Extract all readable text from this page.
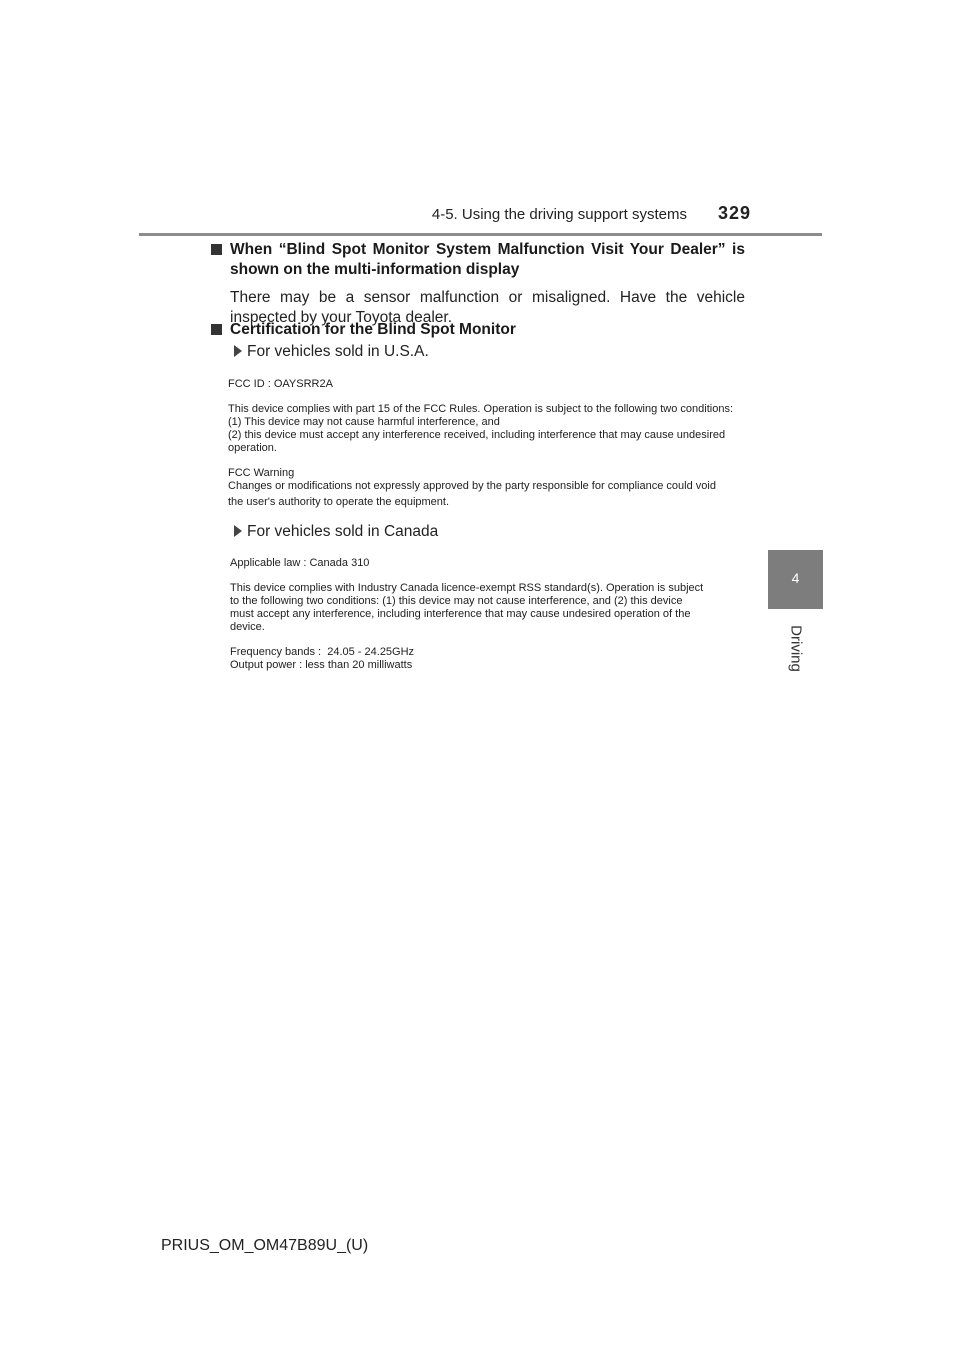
4-5. Using the driving support systems 329
4
Driving
When “Blind Spot Monitor System Malfunction Visit Your Dealer” is shown on the multi-information display
There may be a sensor malfunction or misaligned. Have the vehicle inspected by your Toyota dealer.
Certification for the Blind Spot Monitor
For vehicles sold in U.S.A.

FCC ID : OAYSRR2A

This device complies with part 15 of the FCC Rules. Operation is subject to the following two conditions:

(1) This device may not cause harmful interference, and

(2) this device must accept any interference received, including interference that may cause undesired

operation.

FCC Warning

Changes or modifications not expressly approved by the party responsible for compliance could void

the user's authority to operate the equipment.

For vehicles sold in Canada

Applicable law : Canada 310

This device complies with Industry Canada licence-exempt RSS standard(s). Operation is subject

to the following two conditions: (1) this device may not cause interference, and (2) this device

must accept any interference, including interference that may cause undesired operation of the

device.

Frequency bands :  24.05 - 24.25GHz

Output power : less than 20 milliwatts

PRIUS_OM_OM47B89U_(U)
